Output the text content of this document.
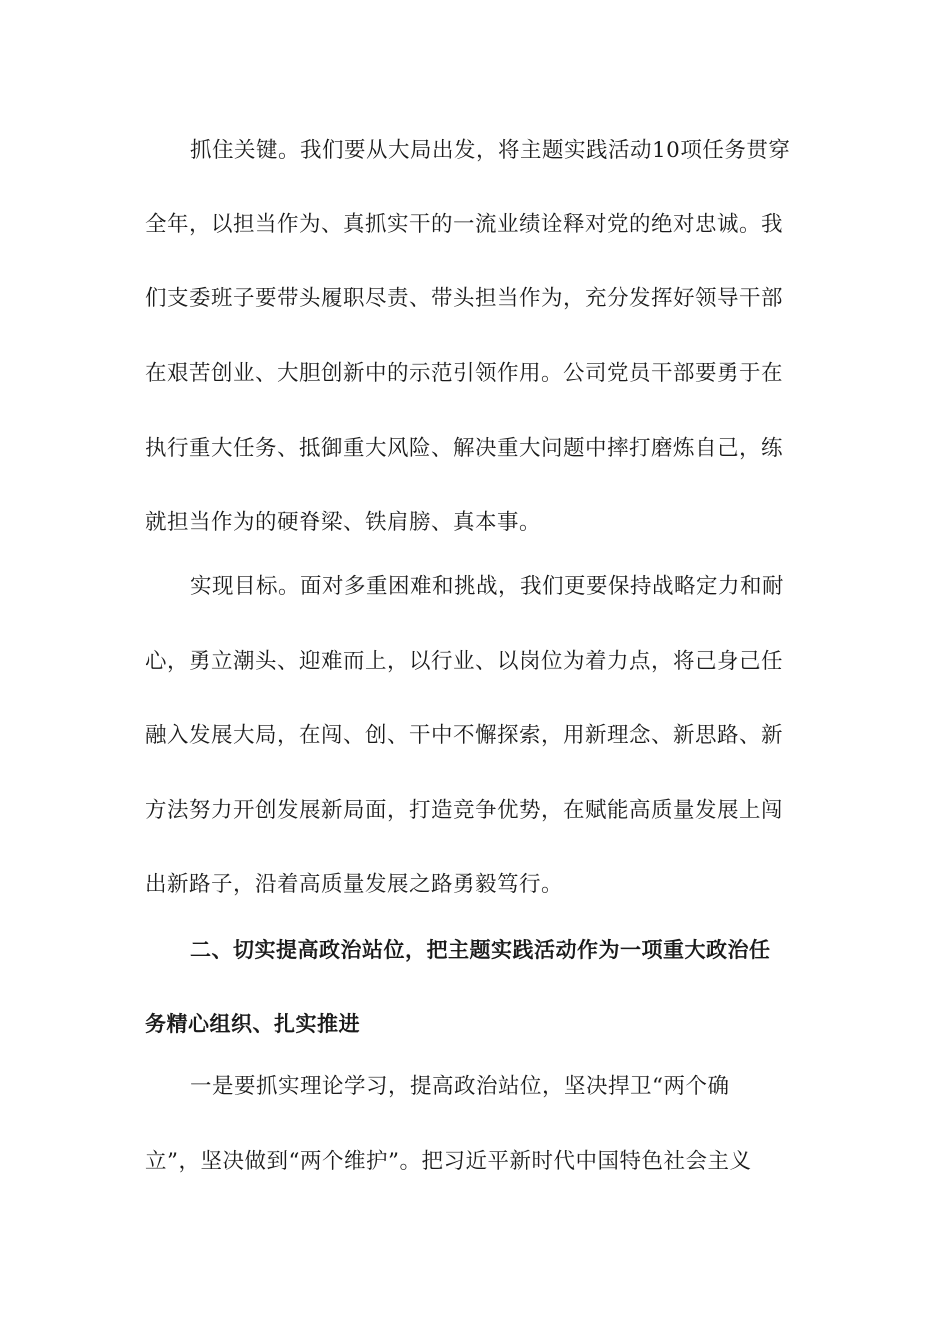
抓住关键。我们要从大局出发，将主题实践活动10项任务贯穿
全年，以担当作为、真抓实干的一流业绩诠释对党的绝对忠诚。我
们支委班子要带头履职尽责、带头担当作为，充分发挥好领导干部
在艰苦创业、大胆创新中的示范引领作用。公司党员干部要勇于在
执行重大任务、抵御重大风险、解决重大问题中摔打磨炼自己，练
就担当作为的硬脊梁、铁肩膀、真本事。
实现目标。面对多重困难和挑战，我们更要保持战略定力和耐
心，勇立潮头、迎难而上，以行业、以岗位为着力点，将己身己任
融入发展大局，在闯、创、干中不懈探索，用新理念、新思路、新
方法努力开创发展新局面，打造竞争优势，在赋能高质量发展上闯
出新路子，沿着高质量发展之路勇毅笃行。
二、切实提高政治站位，把主题实践活动作为一项重大政治任
务精心组织、扎实推进
一是要抓实理论学习，提高政治站位，坚决捍卫“两个确
立”，坚决做到“两个维护”。把习近平新时代中国特色社会主义
